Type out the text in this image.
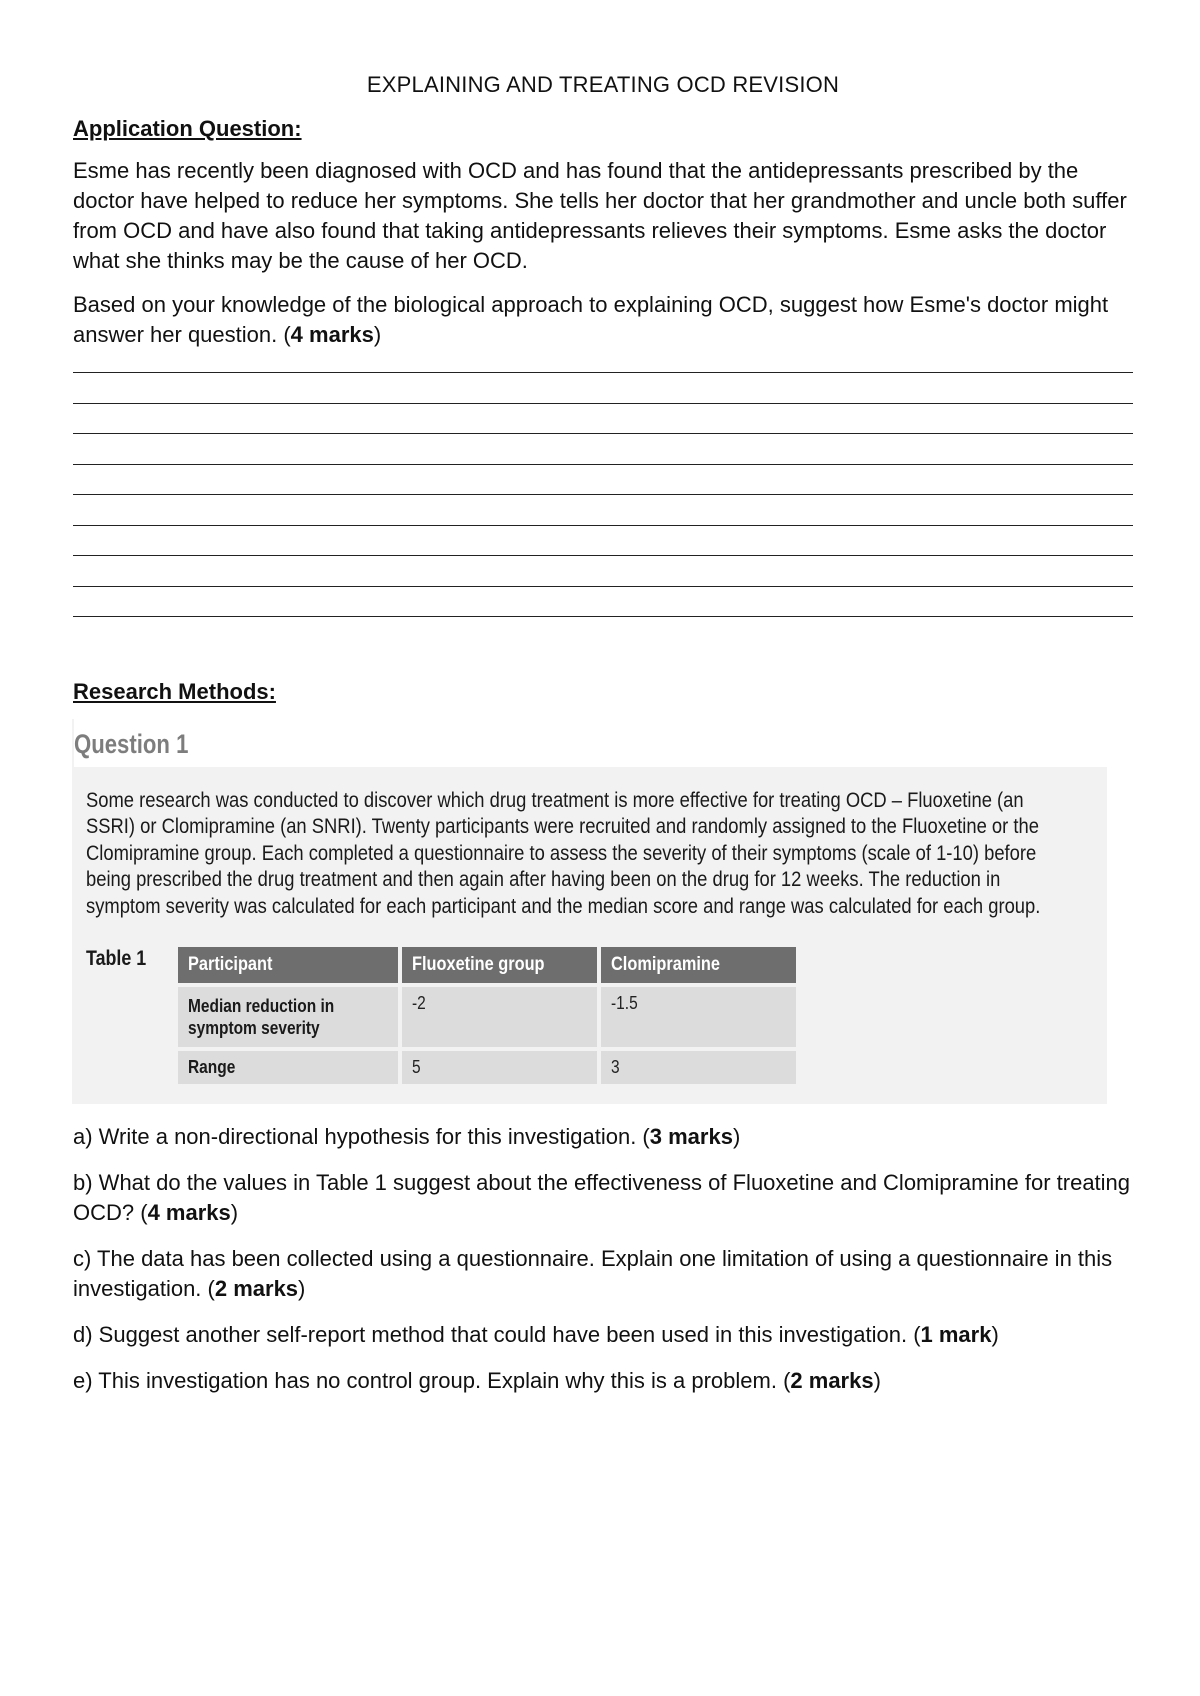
EXPLAINING AND TREATING OCD REVISION
Application Question:

Esme has recently been diagnosed with OCD and has found that the antidepressants prescribed by the doctor have helped to reduce her symptoms. She tells her doctor that her grandmother and uncle both suffer from OCD and have also found that taking antidepressants relieves their symptoms. Esme asks the doctor what she thinks may be the cause of her OCD.

Based on your knowledge of the biological approach to explaining OCD, suggest how Esme's doctor might answer her question. (4 marks)

Research Methods:
Question 1
Some research was conducted to discover which drug treatment is more effective for treating OCD – Fluoxetine (an SSRI) or Clomipramine (an SNRI). Twenty participants were recruited and randomly assigned to the Fluoxetine or the Clomipramine group. Each completed a questionnaire to assess the severity of their symptoms (scale of 1-10) before being prescribed the drug treatment and then again after having been on the drug for 12 weeks. The reduction in symptom severity was calculated for each participant and the median score and range was calculated for each group.
Table 1 Participant	Fluoxetine group	Clomipramine

Median reduction in symptom severity	-2	-1.5
Range	5	3

a) Write a non-directional hypothesis for this investigation. (3 marks)

b) What do the values in Table 1 suggest about the effectiveness of Fluoxetine and Clomipramine for treating OCD? (4 marks)

c) The data has been collected using a questionnaire. Explain one limitation of using a questionnaire in this investigation. (2 marks)

d) Suggest another self-report method that could have been used in this investigation. (1 mark)

e) This investigation has no control group. Explain why this is a problem. (2 marks)
